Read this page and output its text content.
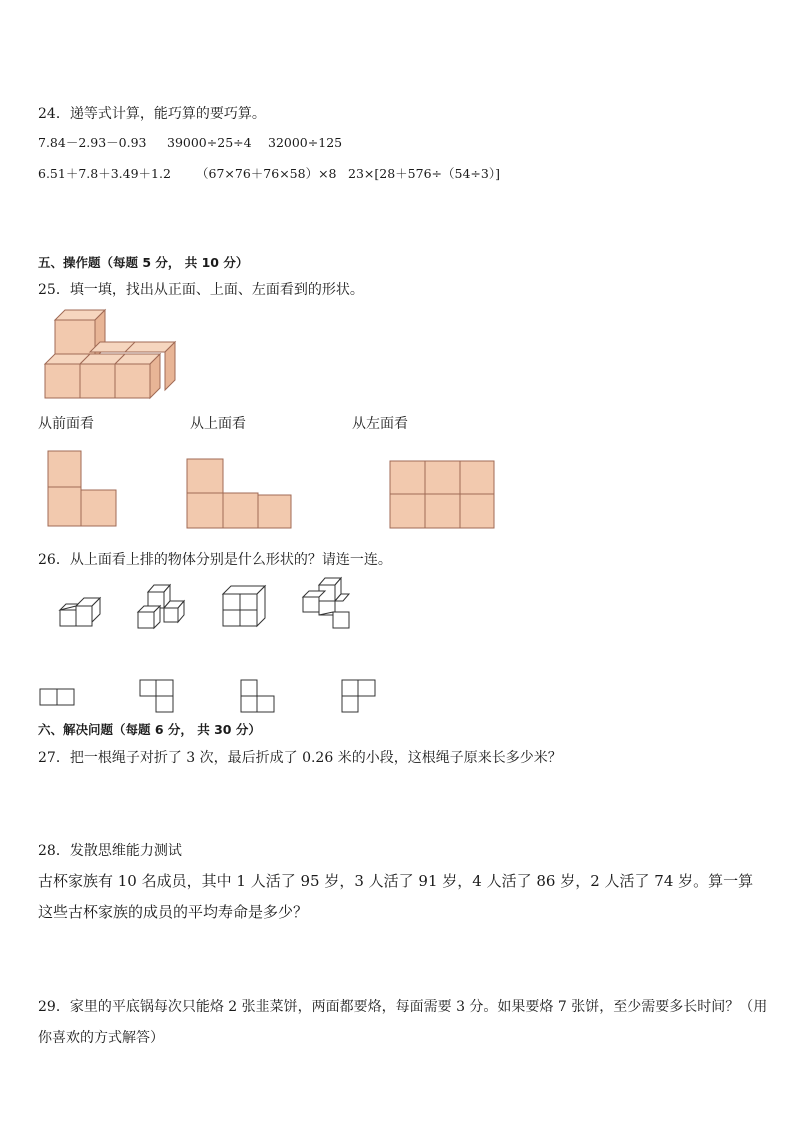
24．递等式计算，能巧算的要巧算。
7.84－2.93－0.93 39000÷25÷4 32000÷125
6.51＋7.8＋3.49＋1.2 （67×76＋76×58）×8 23×[28＋576÷（54÷3）]
五、操作题（每题 5 分， 共 10 分）
25．填一填，找出从正面、上面、左面看到的形状。
从前面看	从上面看	从左面看
26．从上面看上排的物体分别是什么形状的？请连一连。
六、解决问题（每题 6 分， 共 30 分）
27．把一根绳子对折了 3 次，最后折成了 0.26 米的小段，这根绳子原来长多少米？
28．发散思维能力测试
古杯家族有 10 名成员，其中 1 人活了 95 岁，3 人活了 91 岁，4 人活了 86 岁，2 人活了 74 岁。算一算
这些古杯家族的成员的平均寿命是多少？
29．家里的平底锅每次只能烙 2 张韭菜饼，两面都要烙，每面需要 3 分。如果要烙 7 张饼，至少需要多长时间？（用
你喜欢的方式解答）
